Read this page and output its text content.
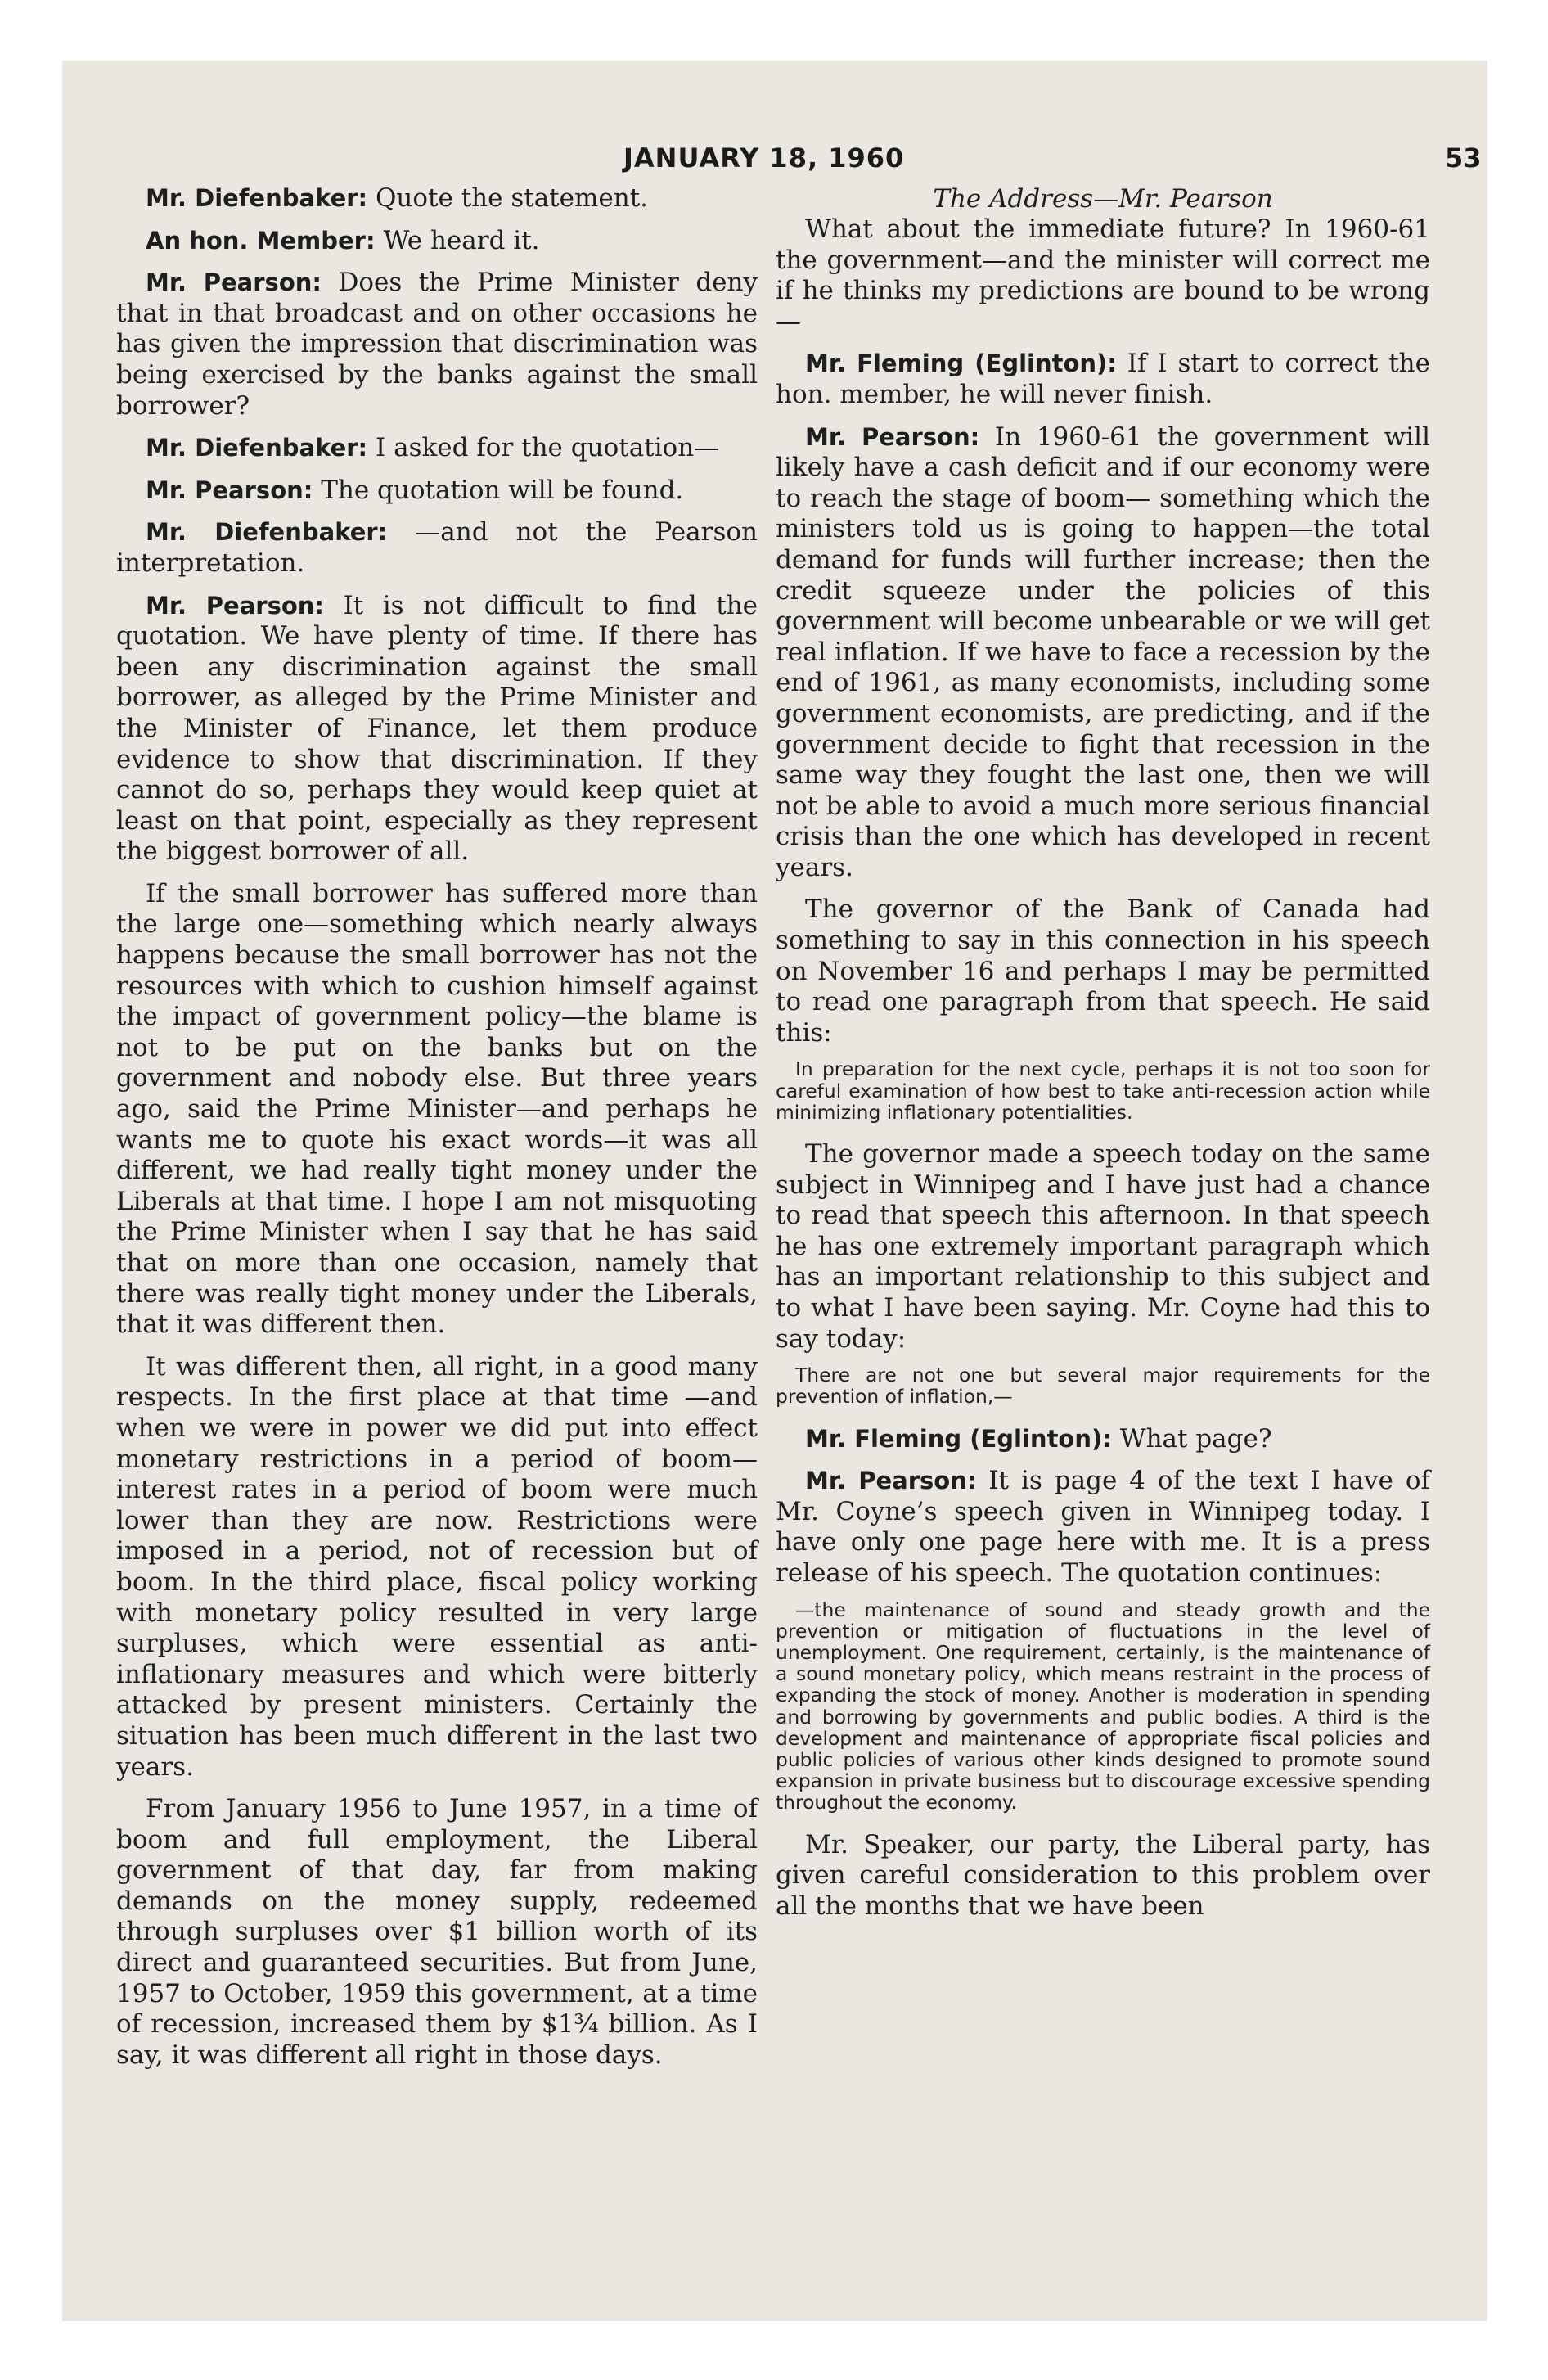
JANUARY 18, 1960	53

Mr. Diefenbaker: Quote the statement.

An hon. Member: We heard it.

Mr. Pearson: Does the Prime Minister deny that in that broadcast and on other occasions he has given the impression that discrimination was being exercised by the banks against the small borrower?

Mr. Diefenbaker: I asked for the quotation—

Mr. Pearson: The quotation will be found.

Mr. Diefenbaker: —and not the Pearson interpretation.

Mr. Pearson: It is not difficult to find the quotation. We have plenty of time. If there has been any discrimination against the small borrower, as alleged by the Prime Minister and the Minister of Finance, let them produce evidence to show that discrimination. If they cannot do so, perhaps they would keep quiet at least on that point, especially as they represent the biggest borrower of all.

If the small borrower has suffered more than the large one—something which nearly always happens because the small borrower has not the resources with which to cushion himself against the impact of government policy—the blame is not to be put on the banks but on the government and nobody else. But three years ago, said the Prime Minister—and perhaps he wants me to quote his exact words—it was all different, we had really tight money under the Liberals at that time. I hope I am not misquoting the Prime Minister when I say that he has said that on more than one occasion, namely that there was really tight money under the Liberals, that it was different then.

It was different then, all right, in a good many respects. In the first place at that time —and when we were in power we did put into effect monetary restrictions in a period of boom—interest rates in a period of boom were much lower than they are now. Restrictions were imposed in a period, not of recession but of boom. In the third place, fiscal policy working with monetary policy resulted in very large surpluses, which were essential as anti-inflationary measures and which were bitterly attacked by present ministers. Certainly the situation has been much different in the last two years.

From January 1956 to June 1957, in a time of boom and full employment, the Liberal government of that day, far from making demands on the money supply, redeemed through surpluses over $1 billion worth of its direct and guaranteed securities. But from June, 1957 to October, 1959 this government, at a time of recession, increased them by $1¾ billion. As I say, it was different all right in those days.

The Address—Mr. Pearson

What about the immediate future? In 1960-61 the government—and the minister will correct me if he thinks my predictions are bound to be wrong—

Mr. Fleming (Eglinton): If I start to correct the hon. member, he will never finish.

Mr. Pearson: In 1960-61 the government will likely have a cash deficit and if our economy were to reach the stage of boom— something which the ministers told us is going to happen—the total demand for funds will further increase; then the credit squeeze under the policies of this government will become unbearable or we will get real inflation. If we have to face a recession by the end of 1961, as many economists, including some government economists, are predicting, and if the government decide to fight that recession in the same way they fought the last one, then we will not be able to avoid a much more serious financial crisis than the one which has developed in recent years.

The governor of the Bank of Canada had something to say in this connection in his speech on November 16 and perhaps I may be permitted to read one paragraph from that speech. He said this:

In preparation for the next cycle, perhaps it is not too soon for careful examination of how best to take anti-recession action while minimizing inflationary potentialities.

The governor made a speech today on the same subject in Winnipeg and I have just had a chance to read that speech this afternoon. In that speech he has one extremely important paragraph which has an important relationship to this subject and to what I have been saying. Mr. Coyne had this to say today:

There are not one but several major requirements for the prevention of inflation,—

Mr. Fleming (Eglinton): What page?

Mr. Pearson: It is page 4 of the text I have of Mr. Coyne’s speech given in Winnipeg today. I have only one page here with me. It is a press release of his speech. The quotation continues:

—the maintenance of sound and steady growth and the prevention or mitigation of fluctuations in the level of unemployment. One requirement, certainly, is the maintenance of a sound monetary policy, which means restraint in the process of expanding the stock of money. Another is moderation in spending and borrowing by governments and public bodies. A third is the development and maintenance of appropriate fiscal policies and public policies of various other kinds designed to promote sound expansion in private business but to discourage excessive spending throughout the economy.

Mr. Speaker, our party, the Liberal party, has given careful consideration to this problem over all the months that we have been
